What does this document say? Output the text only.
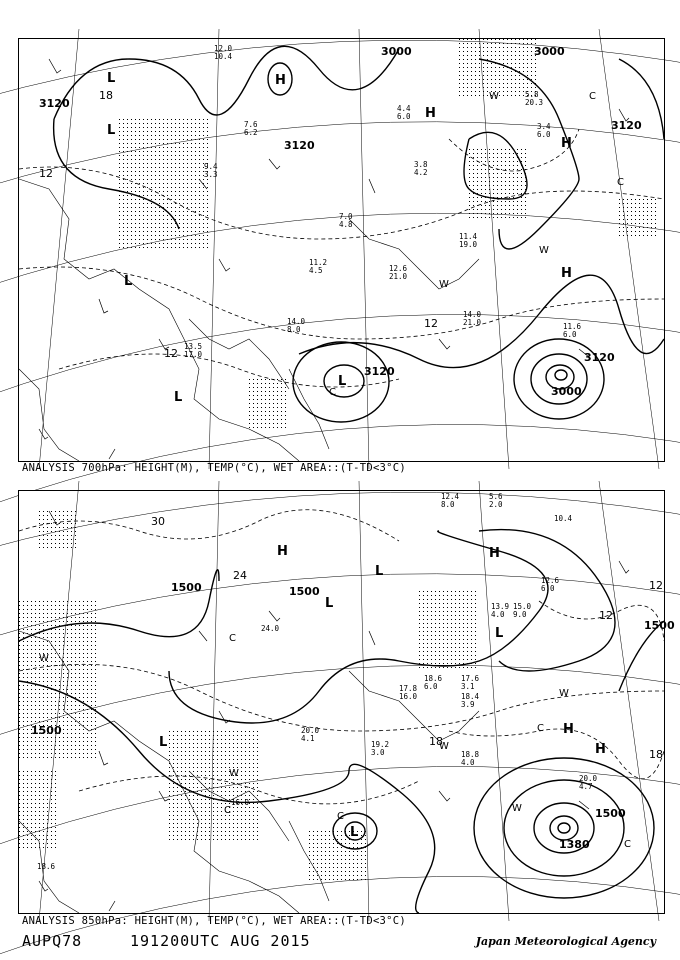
3120
3120
3120
3120
3120
3000	3000
3000
12
12
12
18
H
H
H
H
L
L
L
L
L
W
W
W
C
C
C
12.0
10.4
4.4
6.0
3.8
4.2
12.6
21.0
14.0
21.0	11.6
6.0
7.6
6.2
9.4
3.3
13.5
17.0
14.0
8.0
11.4
19.0
5.8
20.3
3.4
6.0
7.0
4.8
11.2
4.5
ANALYSIS 700hPa: HEIGHT(M), TEMP(°C), WET AREA::(T-TD<3°C)
1500	1500
1500
1500
1500
1380
30
24
12
12
18
18
H	H
H
H
L
L
L
L
L
W
W
W
W
W
C
C
C
C
C
12.4
8.0
5.6
2.0
24.0
17.8
16.0
18.6
6.0
17.6
3.1
18.4
3.9
19.2
3.0
20.0
4.1
16.0
18.8
4.0
20.0
4.7
13.9
4.0
15.0
9.0
12.6
6.0
10.4
18.6
ANALYSIS 850hPa: HEIGHT(M), TEMP(°C), WET AREA::(T-TD<3°C)
AUPQ78	191200UTC AUG 2015	Japan Meteorological Agency
